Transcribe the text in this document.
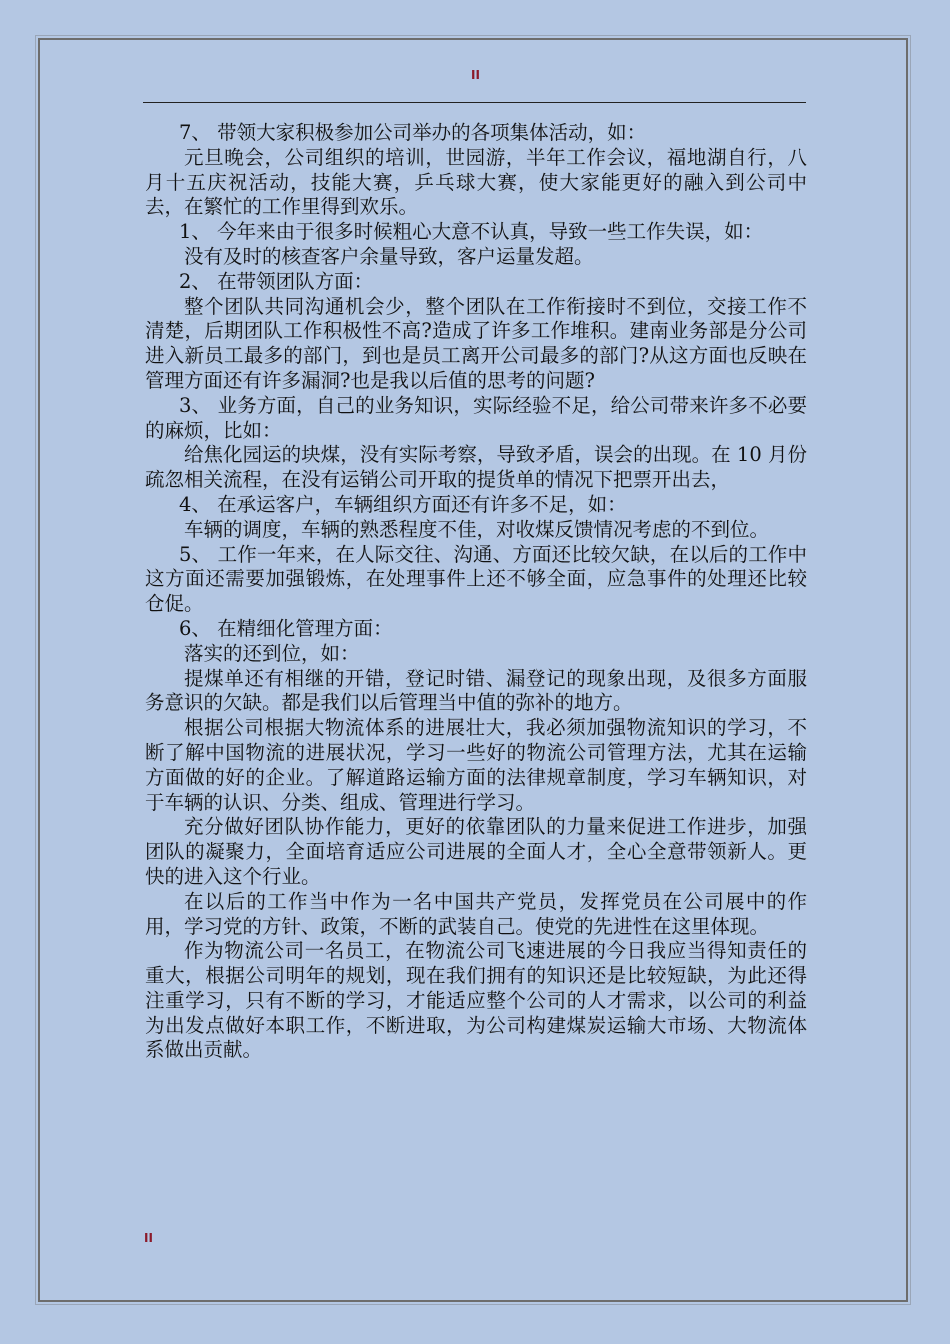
II

7、 带领大家积极参加公司举办的各项集体活动，如：

元旦晚会，公司组织的培训，世园游，半年工作会议，福地湖自行，八月十五庆祝活动，技能大赛，乒乓球大赛，使大家能更好的融入到公司中去，在繁忙的工作里得到欢乐。

1、 今年来由于很多时候粗心大意不认真，导致一些工作失误，如：

没有及时的核查客户余量导致，客户运量发超。

2、 在带领团队方面：

整个团队共同沟通机会少，整个团队在工作衔接时不到位，交接工作不清楚，后期团队工作积极性不高?造成了许多工作堆积。建南业务部是分公司进入新员工最多的部门，到也是员工离开公司最多的部门?从这方面也反映在管理方面还有许多漏洞?也是我以后值的思考的问题?

3、 业务方面，自己的业务知识，实际经验不足，给公司带来许多不必要的麻烦，比如：

给焦化园运的块煤，没有实际考察，导致矛盾，误会的出现。在 10 月份疏忽相关流程，在没有运销公司开取的提货单的情况下把票开出去，

4、 在承运客户，车辆组织方面还有许多不足，如：

车辆的调度，车辆的熟悉程度不佳，对收煤反馈情况考虑的不到位。

5、 工作一年来，在人际交往、沟通、方面还比较欠缺，在以后的工作中这方面还需要加强锻炼，在处理事件上还不够全面，应急事件的处理还比较仓促。

6、 在精细化管理方面：

落实的还到位，如：

提煤单还有相继的开错，登记时错、漏登记的现象出现，及很多方面服务意识的欠缺。都是我们以后管理当中值的弥补的地方。

根据公司根据大物流体系的进展壮大，我必须加强物流知识的学习，不断了解中国物流的进展状况，学习一些好的物流公司管理方法，尤其在运输方面做的好的企业。了解道路运输方面的法律规章制度，学习车辆知识，对于车辆的认识、分类、组成、管理进行学习。

充分做好团队协作能力，更好的依靠团队的力量来促进工作进步，加强团队的凝聚力，全面培育适应公司进展的全面人才，全心全意带领新人。更快的进入这个行业。

在以后的工作当中作为一名中国共产党员，发挥党员在公司展中的作用，学习党的方针、政策，不断的武装自己。使党的先进性在这里体现。

作为物流公司一名员工，在物流公司飞速进展的今日我应当得知责任的重大，根据公司明年的规划，现在我们拥有的知识还是比较短缺，为此还得注重学习，只有不断的学习，才能适应整个公司的人才需求，以公司的利益为出发点做好本职工作，不断进取，为公司构建煤炭运输大市场、大物流体系做出贡献。

II
